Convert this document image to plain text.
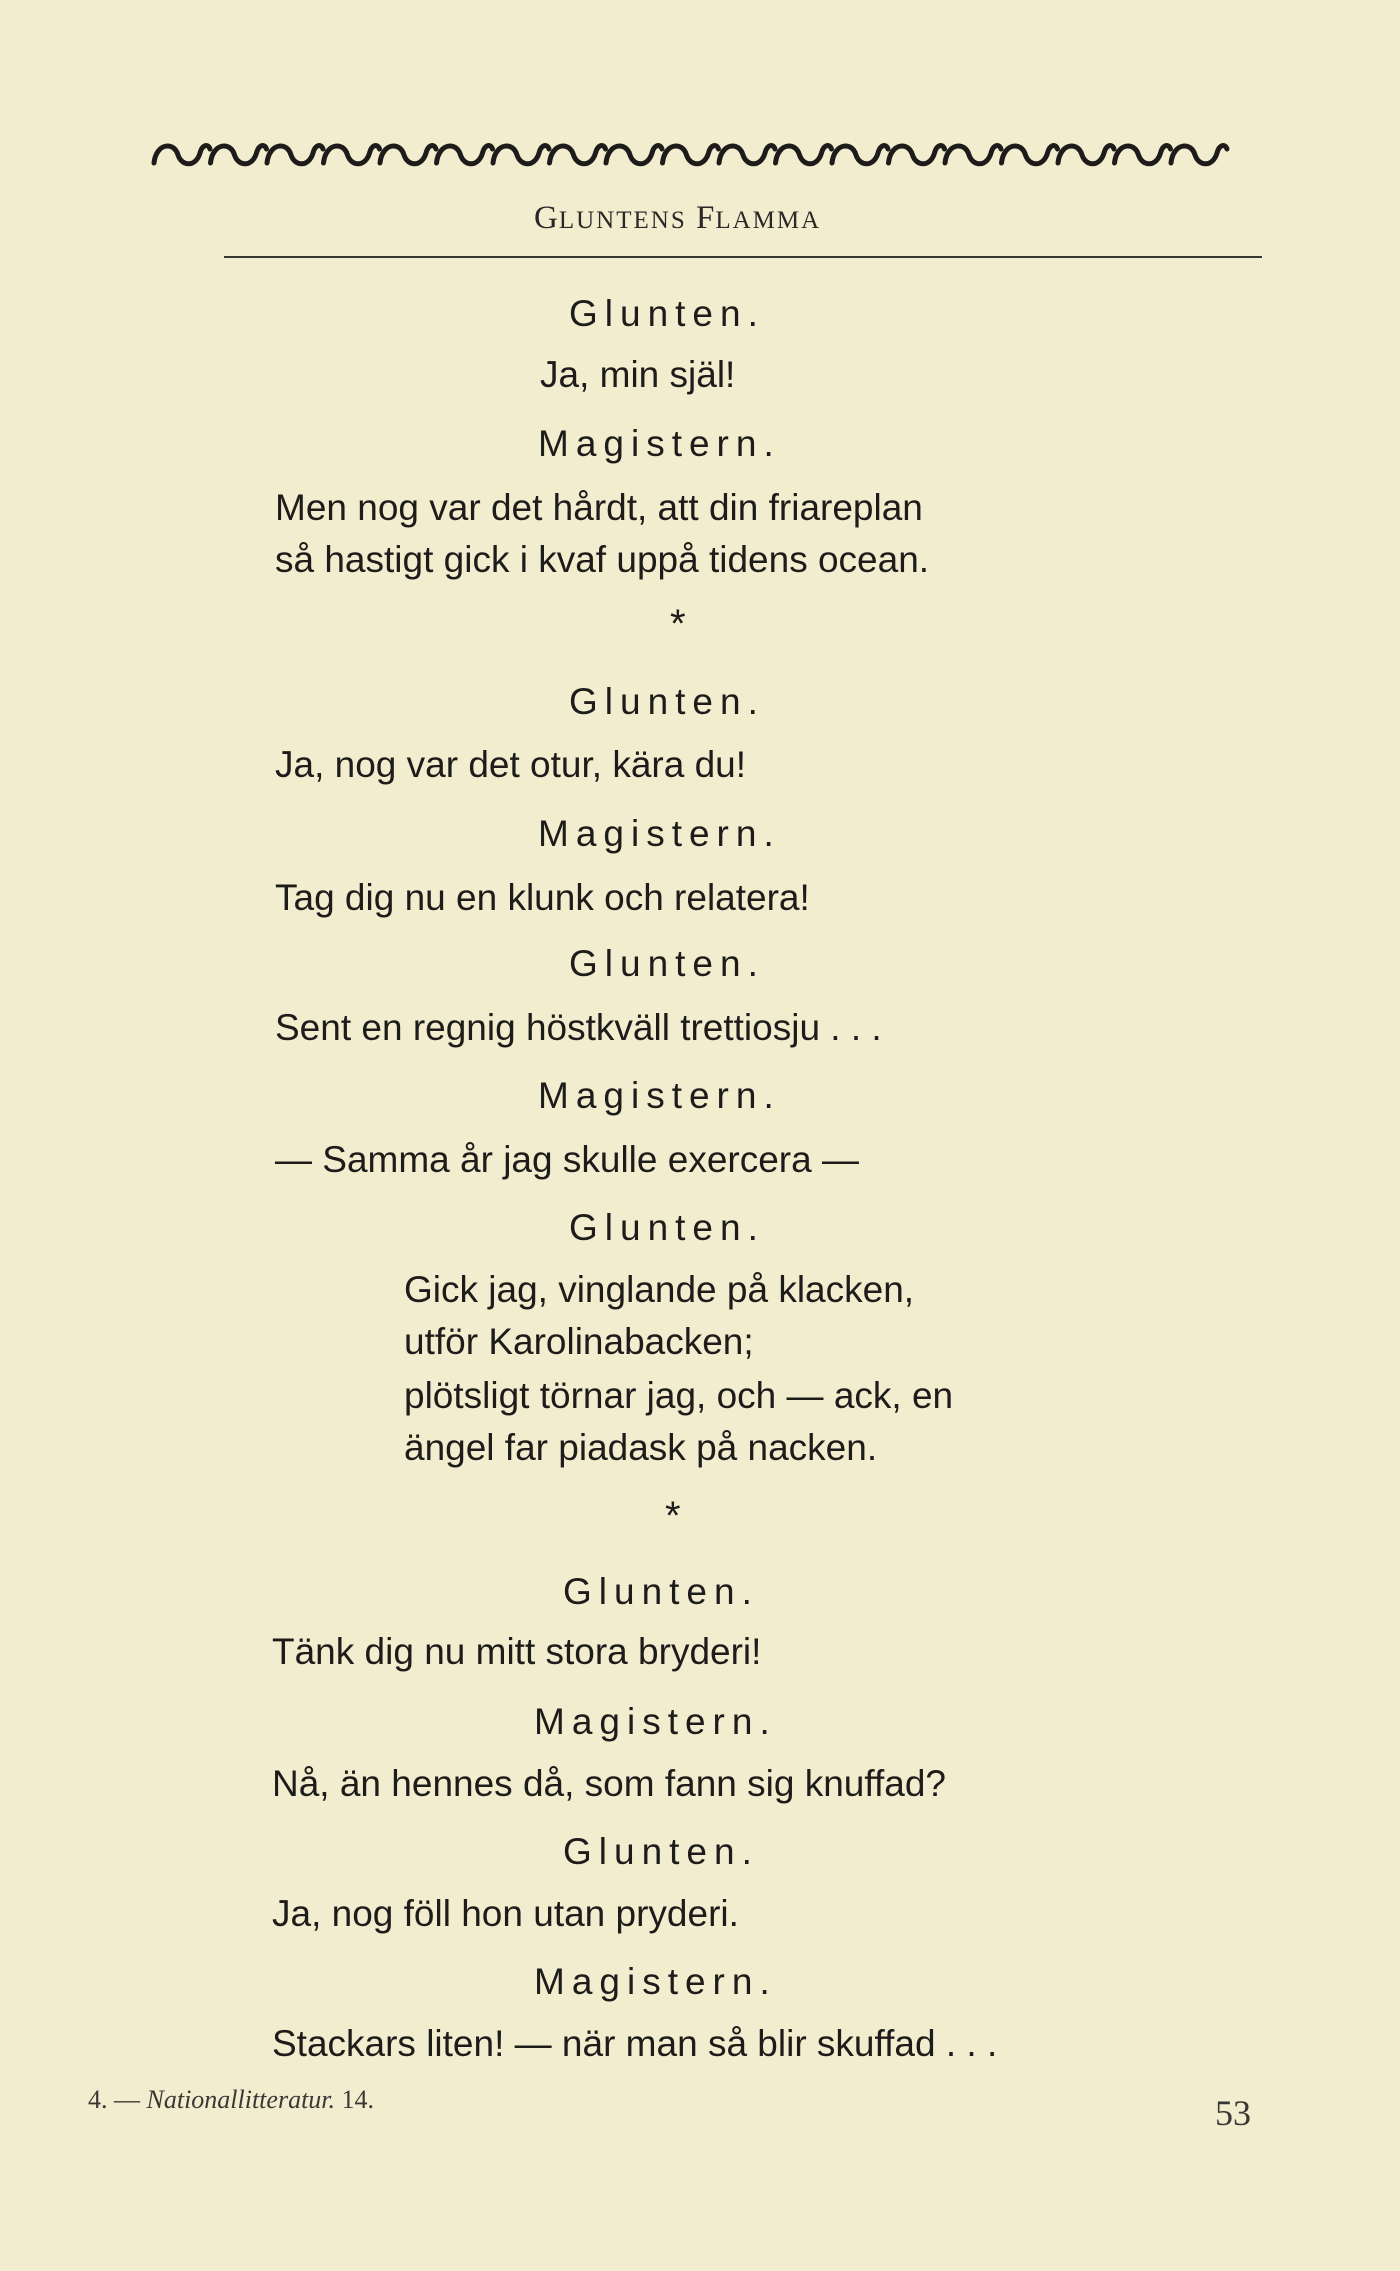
GLUNTENS FLAMMA
Glunten.
Ja, min själ!
Magistern.
Men nog var det hårdt, att din friareplan
så hastigt gick i kvaf uppå tidens ocean.
*
Glunten.
Ja, nog var det otur, kära du!
Magistern.
Tag dig nu en klunk och relatera!
Glunten.
Sent en regnig höstkväll trettiosju . . .
Magistern.
— Samma år jag skulle exercera —
Glunten.
Gick jag, vinglande på klacken,
utför Karolinabacken;
plötsligt törnar jag, och — ack, en
ängel far piadask på nacken.
*
Glunten.
Tänk dig nu mitt stora bryderi!
Magistern.
Nå, än hennes då, som fann sig knuffad?
Glunten.
Ja, nog föll hon utan pryderi.
Magistern.
Stackars liten! — när man så blir skuffad . . .
4. — Nationallitteratur. 14.	53
